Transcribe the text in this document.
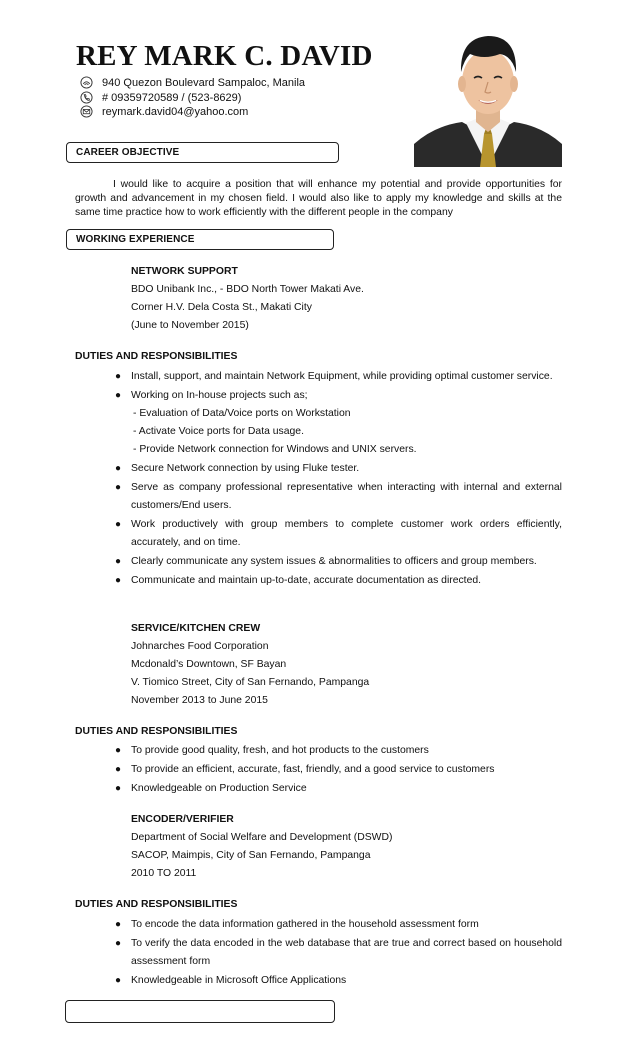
REY MARK C. DAVID
940 Quezon Boulevard Sampaloc, Manila
# 09359720589 / (523-8629)
reymark.david04@yahoo.com
CAREER OBJECTIVE
I would like to acquire a position that will enhance my potential and provide opportunities for growth and advancement in my chosen field. I would also like to apply my knowledge and skills at the same time practice how to work efficiently with the different people in the company
WORKING EXPERIENCE
NETWORK SUPPORT
BDO Unibank Inc., - BDO North Tower Makati Ave.
Corner H.V. Dela Costa St., Makati City
(June to November 2015)
DUTIES AND RESPONSIBILITIES
● Install, support, and maintain Network Equipment, while providing optimal customer service.
● Working on In-house projects such as;
- Evaluation of Data/Voice ports on Workstation
- Activate Voice ports for Data usage.
- Provide Network connection for Windows and UNIX servers.
● Secure Network connection by using Fluke tester.
● Serve as company professional representative when interacting with internal and external customers/End users.
● Work productively with group members to complete customer work orders efficiently, accurately, and on time.
● Clearly communicate any system issues & abnormalities to officers and group members.
● Communicate and maintain up-to-date, accurate documentation as directed.
SERVICE/KITCHEN CREW
Johnarches Food Corporation
Mcdonald’s Downtown, SF Bayan
V. Tiomico Street, City of San Fernando, Pampanga
November 2013 to June 2015
DUTIES AND RESPONSIBILITIES
● To provide good quality, fresh, and hot products to the customers
● To provide an efficient, accurate, fast, friendly, and a good service to customers
● Knowledgeable on Production Service
ENCODER/VERIFIER
Department of Social Welfare and Development (DSWD)
SACOP, Maimpis, City of San Fernando, Pampanga
2010 TO 2011
DUTIES AND RESPONSIBILITIES
● To encode the data information gathered in the household assessment form
● To verify the data encoded in the web database that are true and correct based on household assessment form
● Knowledgeable in Microsoft Office Applications
